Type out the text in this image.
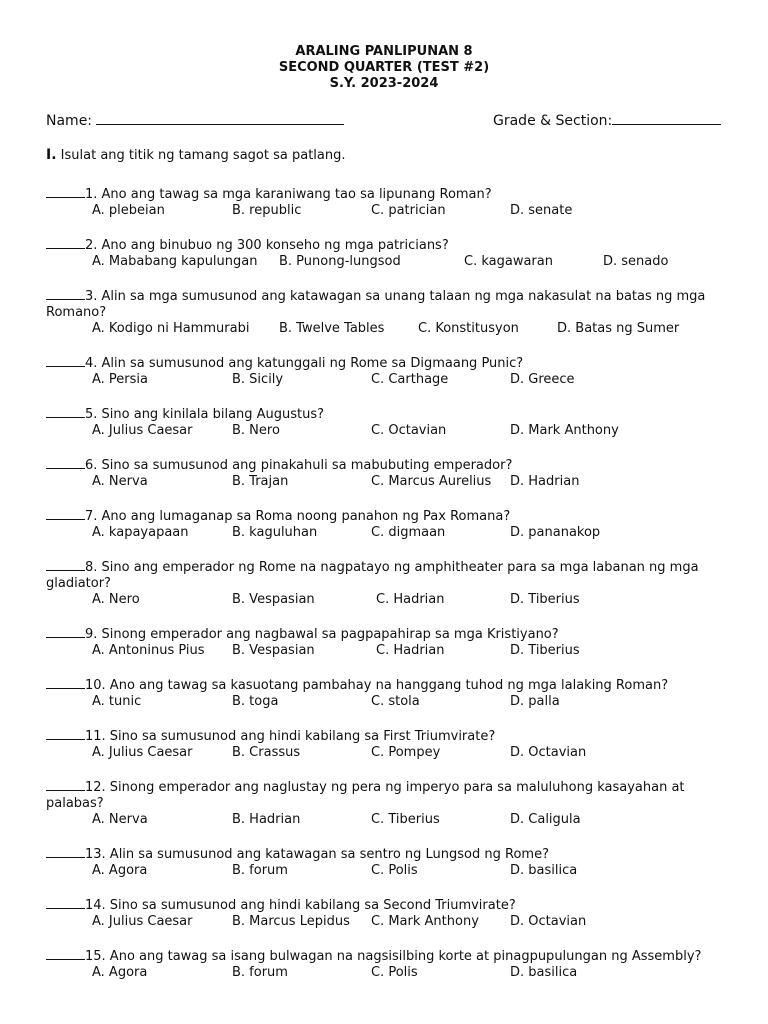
ARALING PANLIPUNAN 8
SECOND QUARTER (TEST #2)
S.Y. 2023-2024
Name:	Grade & Section:
I. Isulat ang titik ng tamang sagot sa patlang.
1. Ano ang tawag sa mga karaniwang tao sa lipunang Roman?
A. plebeian	B. republic	C. patrician	D. senate
2. Ano ang binubuo ng 300 konseho ng mga patricians?
A. Mababang kapulungan B. Punong-lungsod	C. kagawaran	D. senado
3. Alin sa mga sumusunod ang katawagan sa unang talaan ng mga nakasulat na batas ng mga Romano?
A. Kodigo ni Hammurabi B. Twelve Tables	C. Konstitusyon	D. Batas ng Sumer
4. Alin sa sumusunod ang katunggali ng Rome sa Digmaang Punic?
A. Persia	B. Sicily	C. Carthage	D. Greece
5. Sino ang kinilala bilang Augustus?
A. Julius Caesar	B. Nero	C. Octavian	D. Mark Anthony
6. Sino sa sumusunod ang pinakahuli sa mabubuting emperador?
A. Nerva	B. Trajan	C. Marcus Aurelius D. Hadrian
7. Ano ang lumaganap sa Roma noong panahon ng Pax Romana?
A. kapayapaan	B. kaguluhan	C. digmaan	D. pananakop
8. Sino ang emperador ng Rome na nagpatayo ng amphitheater para sa mga labanan ng mga gladiator?
A. Nero	B. Vespasian	C. Hadrian	D. Tiberius
9. Sinong emperador ang nagbawal sa pagpapahirap sa mga Kristiyano?
A. Antoninus Pius B. Vespasian	C. Hadrian	D. Tiberius
10. Ano ang tawag sa kasuotang pambahay na hanggang tuhod ng mga lalaking Roman?
A. tunic	B. toga	C. stola	D. palla
11. Sino sa sumusunod ang hindi kabilang sa First Triumvirate?
A. Julius Caesar	B. Crassus	C. Pompey	D. Octavian
12. Sinong emperador ang naglustay ng pera ng imperyo para sa maluluhong kasayahan at palabas?
A. Nerva	B. Hadrian	C. Tiberius	D. Caligula
13. Alin sa sumusunod ang katawagan sa sentro ng Lungsod ng Rome?
A. Agora	B. forum	C. Polis	D. basilica
14. Sino sa sumusunod ang hindi kabilang sa Second Triumvirate?
A. Julius Caesar	B. Marcus Lepidus C. Mark Anthony D. Octavian
15. Ano ang tawag sa isang bulwagan na nagsisilbing korte at pinagpupulungan ng Assembly?
A. Agora	B. forum	C. Polis	D. basilica
